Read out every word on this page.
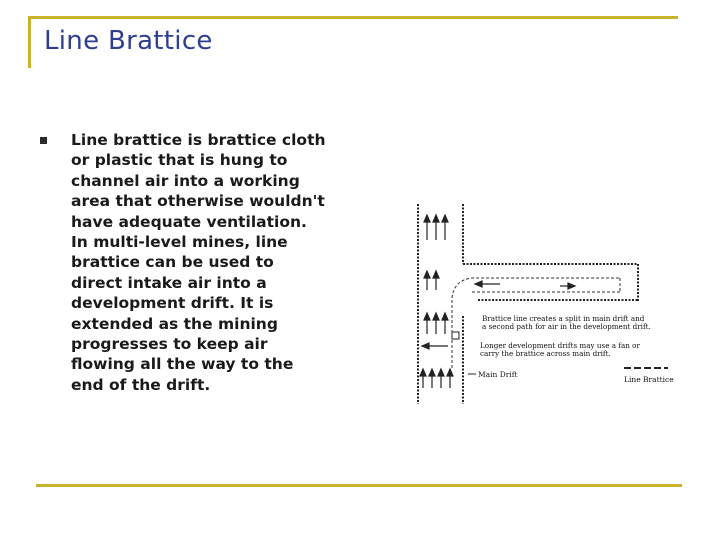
Line Brattice
Line brattice is brattice cloth
or plastic that is hung to
channel air into a working
area that otherwise wouldn't
have adequate ventilation.
In multi-level mines, line
brattice can be used to
direct intake air into a
development drift. It is
extended as the mining
progresses to keep air
flowing all the way to the
end of the drift.
Brattice line creates a split in main drift and
a second path for air in the development drift.
Longer development drifts may use a fan or
carry the brattice across main drift.
Main Drift
Line Brattice
